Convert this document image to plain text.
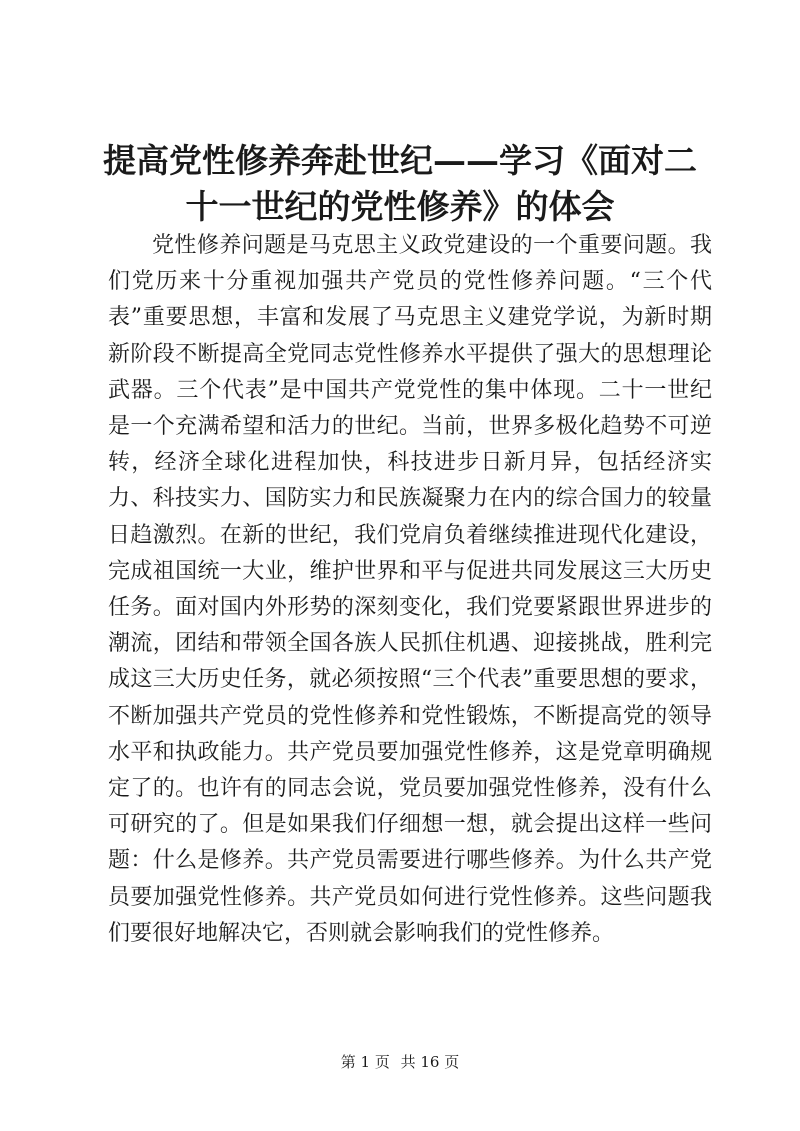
提高党性修养奔赴世纪——学习《面对二十一世纪的党性修养》的体会

党性修养问题是马克思主义政党建设的一个重要问题。我们党历来十分重视加强共产党员的党性修养问题。“三个代表”重要思想，丰富和发展了马克思主义建党学说，为新时期新阶段不断提高全党同志党性修养水平提供了强大的思想理论武器。三个代表”是中国共产党党性的集中体现。二十一世纪是一个充满希望和活力的世纪。当前，世界多极化趋势不可逆转，经济全球化进程加快，科技进步日新月异，包括经济实力、科技实力、国防实力和民族凝聚力在内的综合国力的较量日趋激烈。在新的世纪，我们党肩负着继续推进现代化建设，完成祖国统一大业，维护世界和平与促进共同发展这三大历史任务。面对国内外形势的深刻变化，我们党要紧跟世界进步的潮流，团结和带领全国各族人民抓住机遇、迎接挑战，胜利完成这三大历史任务，就必须按照“三个代表”重要思想的要求，不断加强共产党员的党性修养和党性锻炼，不断提高党的领导水平和执政能力。共产党员要加强党性修养，这是党章明确规定了的。也许有的同志会说，党员要加强党性修养，没有什么可研究的了。但是如果我们仔细想一想，就会提出这样一些问题：什么是修养。共产党员需要进行哪些修养。为什么共产党员要加强党性修养。共产党员如何进行党性修养。这些问题我们要很好地解决它，否则就会影响我们的党性修养。

第 1 页 共 16 页
